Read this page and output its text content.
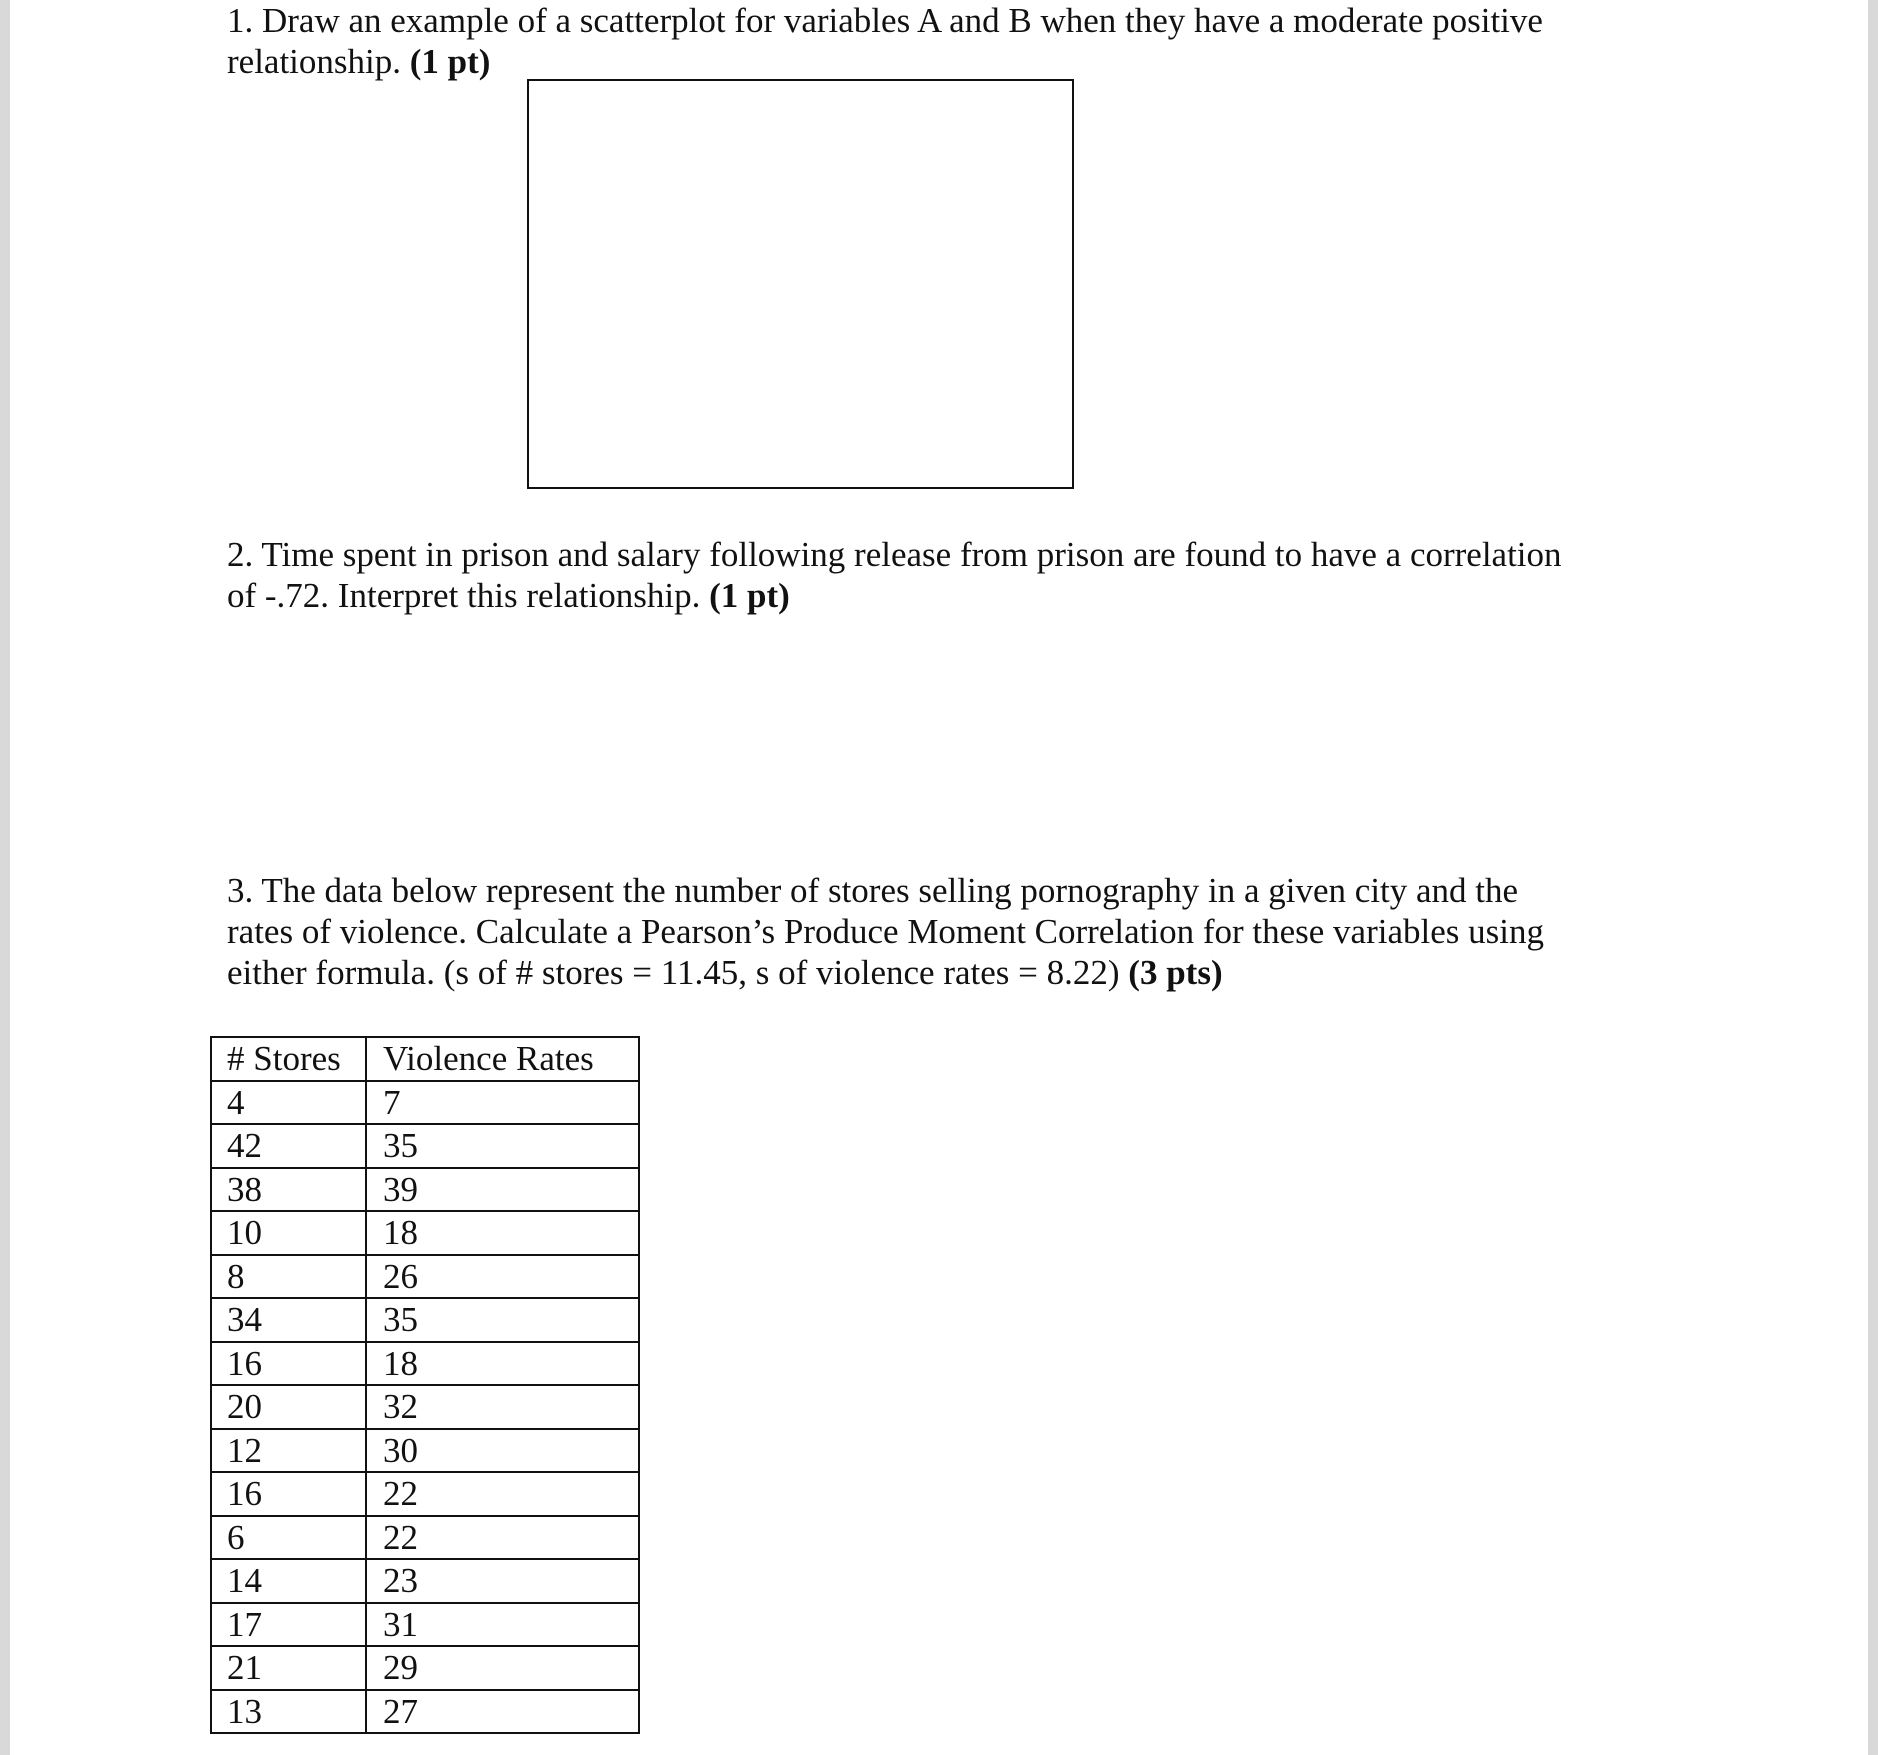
1. Draw an example of a scatterplot for variables A and B when they have a moderate positive
relationship. (1 pt)
2. Time spent in prison and salary following release from prison are found to have a correlation
of -.72. Interpret this relationship. (1 pt)
3. The data below represent the number of stores selling pornography in a given city and the
rates of violence. Calculate a Pearson’s Produce Moment Correlation for these variables using
either formula. (s of # stores = 11.45, s of violence rates = 8.22) (3 pts)
# Stores	Violence Rates
4	7
42	35
38	39
10	18
8	26
34	35
16	18
20	32
12	30
16	22
6	22
14	23
17	31
21	29
13	27
